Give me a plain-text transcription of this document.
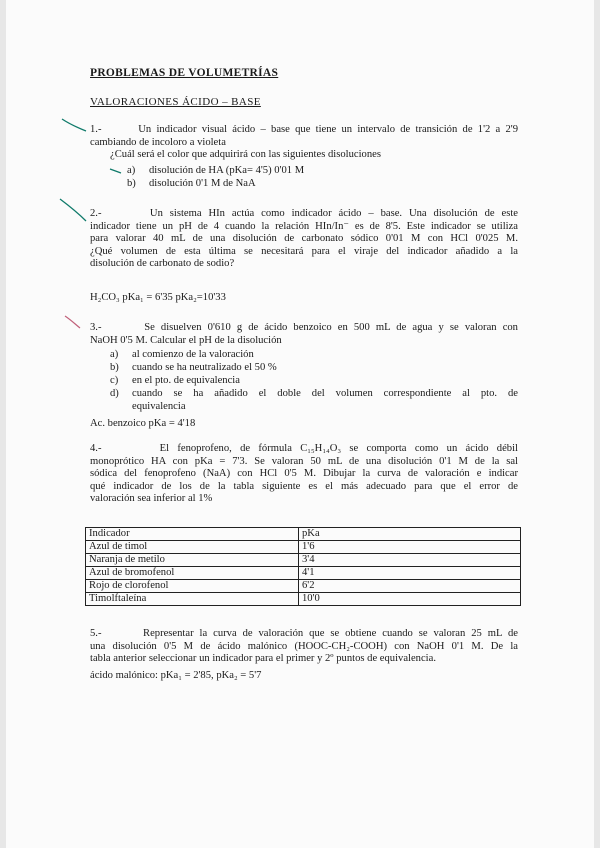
PROBLEMAS DE VOLUMETRÍAS
VALORACIONES ÁCIDO – BASE
1.-	Un indicador visual ácido – base que tiene un intervalo de transición de 1'2 a 2'9
cambiando de incoloro a violeta
¿Cuál será el color que adquirirá con las siguientes disoluciones
a)	disolución de HA (pKa= 4'5) 0'01 M
b)	disolución 0'1 M de NaA
2.-	Un sistema HIn actúa como indicador ácido – base. Una disolución de este
indicador tiene un pH de 4 cuando la relación HIn/In⁻ es de 8'5. Este indicador se utiliza
para valorar 40 mL de una disolución de carbonato sódico 0'01 M con HCl 0'025 M.
¿Qué volumen de esta última se necesitará para el viraje del indicador añadido a la
disolución de carbonato de sodio?
H₂CO₃ pKa₁ = 6'35 pKa₂=10'33
3.-	Se disuelven 0'610 g de ácido benzoico en 500 mL de agua y se valoran con
NaOH 0'5 M. Calcular el pH de la disolución
a)	al comienzo de la valoración
b)	cuando se ha neutralizado el 50 %
c)	en el pto. de equivalencia
d)	cuando se ha añadido el doble del volumen correspondiente al pto. de
equivalencia
Ac. benzoico pKa = 4'18
4.-	El fenoprofeno, de fórmula C₁₅H₁₄O₃ se comporta como un ácido débil
monoprótico HA con pKa = 7'3. Se valoran 50 mL de una disolución 0'1 M de la sal
sódica del fenoprofeno (NaA) con HCl 0'5 M. Dibujar la curva de valoración e indicar
qué indicador de los de la tabla siguiente es el más adecuado para que el error de
valoración sea inferior al 1%
Indicador	pKa
Azul de timol	1'6
Naranja de metilo	3'4
Azul de bromofenol	4'1
Rojo de clorofenol	6'2
Timolftaleína	10'0
5.-	Representar la curva de valoración que se obtiene cuando se valoran 25 mL de
una disolución 0'5 M de ácido malónico (HOOC-CH₂-COOH) con NaOH 0'1 M. De la
tabla anterior seleccionar un indicador para el primer y 2º puntos de equivalencia.
ácido malónico: pKa₁ = 2'85, pKa₂ = 5'7
